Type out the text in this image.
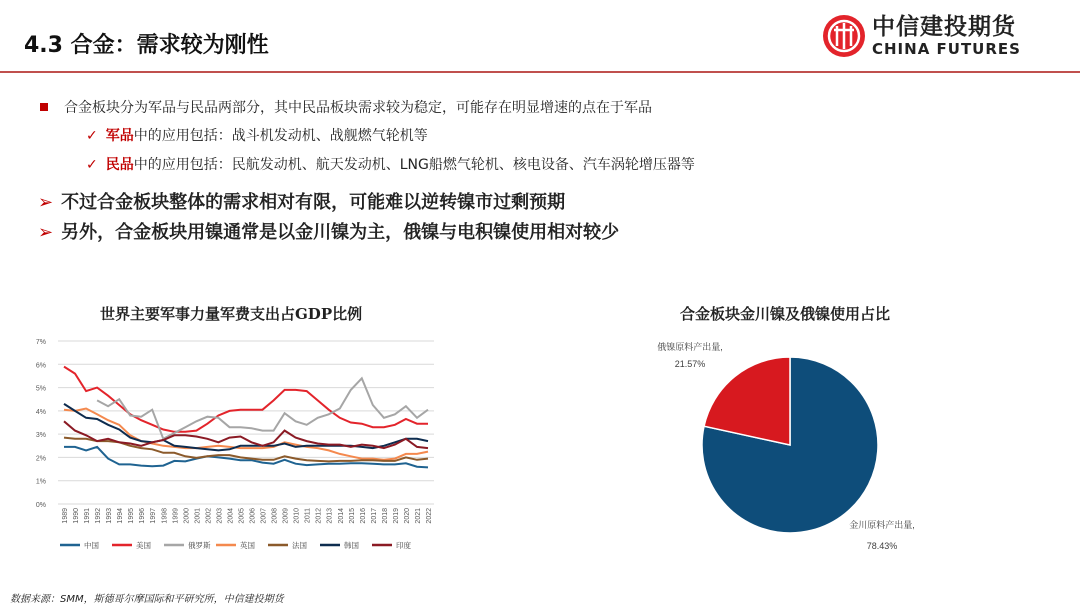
4.3 合金：需求较为刚性
中信建投期货
CHINA FUTURES
合金板块分为军品与民品两部分，其中民品板块需求较为稳定，可能存在明显增速的点在于军品
✓ 军品中的应用包括：战斗机发动机、战舰燃气轮机等
✓ 民品中的应用包括：民航发动机、航天发动机、LNG船燃气轮机、核电设备、汽车涡轮增压器等
➢ 不过合金板块整体的需求相对有限，可能难以逆转镍市过剩预期
➢ 另外，合金板块用镍通常是以金川镍为主，俄镍与电积镍使用相对较少
世界主要军事力量军费支出占GDP比例
0%
1%
2%
3%
4%
5%
6%
7%
1989 1990 1991 1992 1993 1994 1995 1996 1997 1998 1999 2000 2001 2002 2003 2004 2005 2006 2007 2008 2009 2010 2011 2012 2013 2014 2015 2016 2017 2018 2019 2020 2021 2022
中国	美国	俄罗斯	英国	法国	韩国	印度
合金板块金川镍及俄镍使用占比
金川原料产出量,
78.43%
俄镍原料产出量,
21.57%
数据来源：SMM，斯德哥尔摩国际和平研究所，中信建投期货
